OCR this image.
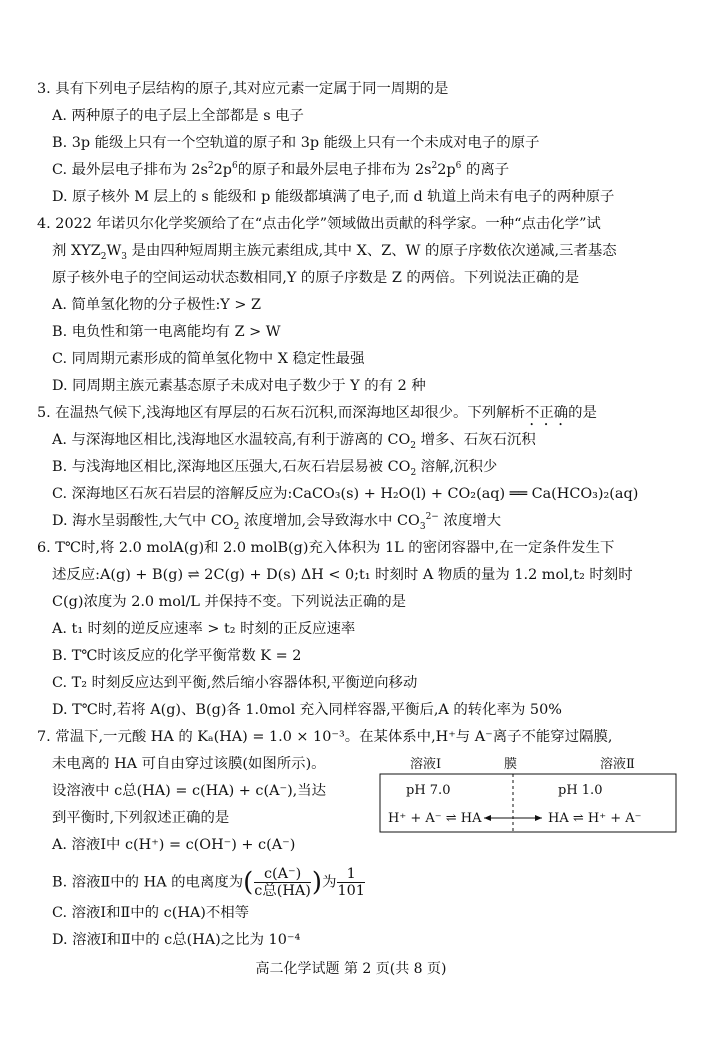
3. 具有下列电子层结构的原子,其对应元素一定属于同一周期的是
A. 两种原子的电子层上全部都是 s 电子
B. 3p 能级上只有一个空轨道的原子和 3p 能级上只有一个未成对电子的原子
C. 最外层电子排布为 $2s^22p^6$的原子和最外层电子排布为 $2s^22p^6$ 的离子
D. 原子核外 M 层上的 s 能级和 p 能级都填满了电子,而 d 轨道上尚未有电子的两种原子
4. 2022 年诺贝尔化学奖颁给了在“点击化学”领域做出贡献的科学家。一种“点击化学”试
剂 $XYZ_2W_3$ 是由四种短周期主族元素组成,其中 X、Z、W 的原子序数依次递减,三者基态
原子核外电子的空间运动状态数相同,Y 的原子序数是 Z 的两倍。下列说法正确的是
A. 简单氢化物的分子极性:Y > Z
B. 电负性和第一电离能均有 Z > W
C. 同周期元素形成的简单氢化物中 X 稳定性最强
D. 同周期主族元素基态原子未成对电子数少于 Y 的有 2 种
5. 在温热气候下,浅海地区有厚层的石灰石沉积,而深海地区却很少。下列解析不正确的是
A. 与深海地区相比,浅海地区水温较高,有利于游离的 $CO_2$ 增多、石灰石沉积
B. 与浅海地区相比,深海地区压强大,石灰石岩层易被 $CO_2$ 溶解,沉积少
C. 深海地区石灰石岩层的溶解反应为:CaCO₃(s) + H₂O(l) + CO₂(aq) ══ Ca(HCO₃)₂(aq)
D. 海水呈弱酸性,大气中 $CO_2$ 浓度增加,会导致海水中 $CO_3^{2-}$ 浓度增大
6. T℃时,将 2.0 molA(g)和 2.0 molB(g)充入体积为 1L 的密闭容器中,在一定条件发生下
述反应:A(g) + B(g) ⇌ 2C(g) + D(s) ΔH < 0;t₁ 时刻时 A 物质的量为 1.2 mol,t₂ 时刻时
C(g)浓度为 2.0 mol/L 并保持不变。下列说法正确的是
A. t₁ 时刻的逆反应速率 > t₂ 时刻的正反应速率
B. T℃时该反应的化学平衡常数 K = 2
C. T₂ 时刻反应达到平衡,然后缩小容器体积,平衡逆向移动
D. T℃时,若将 A(g)、B(g)各 1.0mol 充入同样容器,平衡后,A 的转化率为 50%
7. 常温下,一元酸 HA 的 Kₐ(HA) = 1.0 × 10⁻³。在某体系中,H⁺与 A⁻离子不能穿过隔膜,
未电离的 HA 可自由穿过该膜(如图所示)。
设溶液中 c总(HA) = c(HA) + c(A⁻),当达
到平衡时,下列叙述正确的是
A. 溶液Ⅰ中 c(H⁺) = c(OH⁻) + c(A⁻)
B. 溶液Ⅱ中的 HA 的电离度为( $\frac{c(A^-)}{\text{c总(HA)}}$ )为 $\frac{1}{101}$
C. 溶液Ⅰ和Ⅱ中的 c(HA)不相等
D. 溶液Ⅰ和Ⅱ中的 c总(HA)之比为 10⁻⁴
溶液Ⅰ	膜	溶液Ⅱ
pH 7.0	pH 1.0
H⁺ + A⁻ ⇌ HA	HA ⇌ H⁺ + A⁻
高二化学试题 第 2 页(共 8 页)
